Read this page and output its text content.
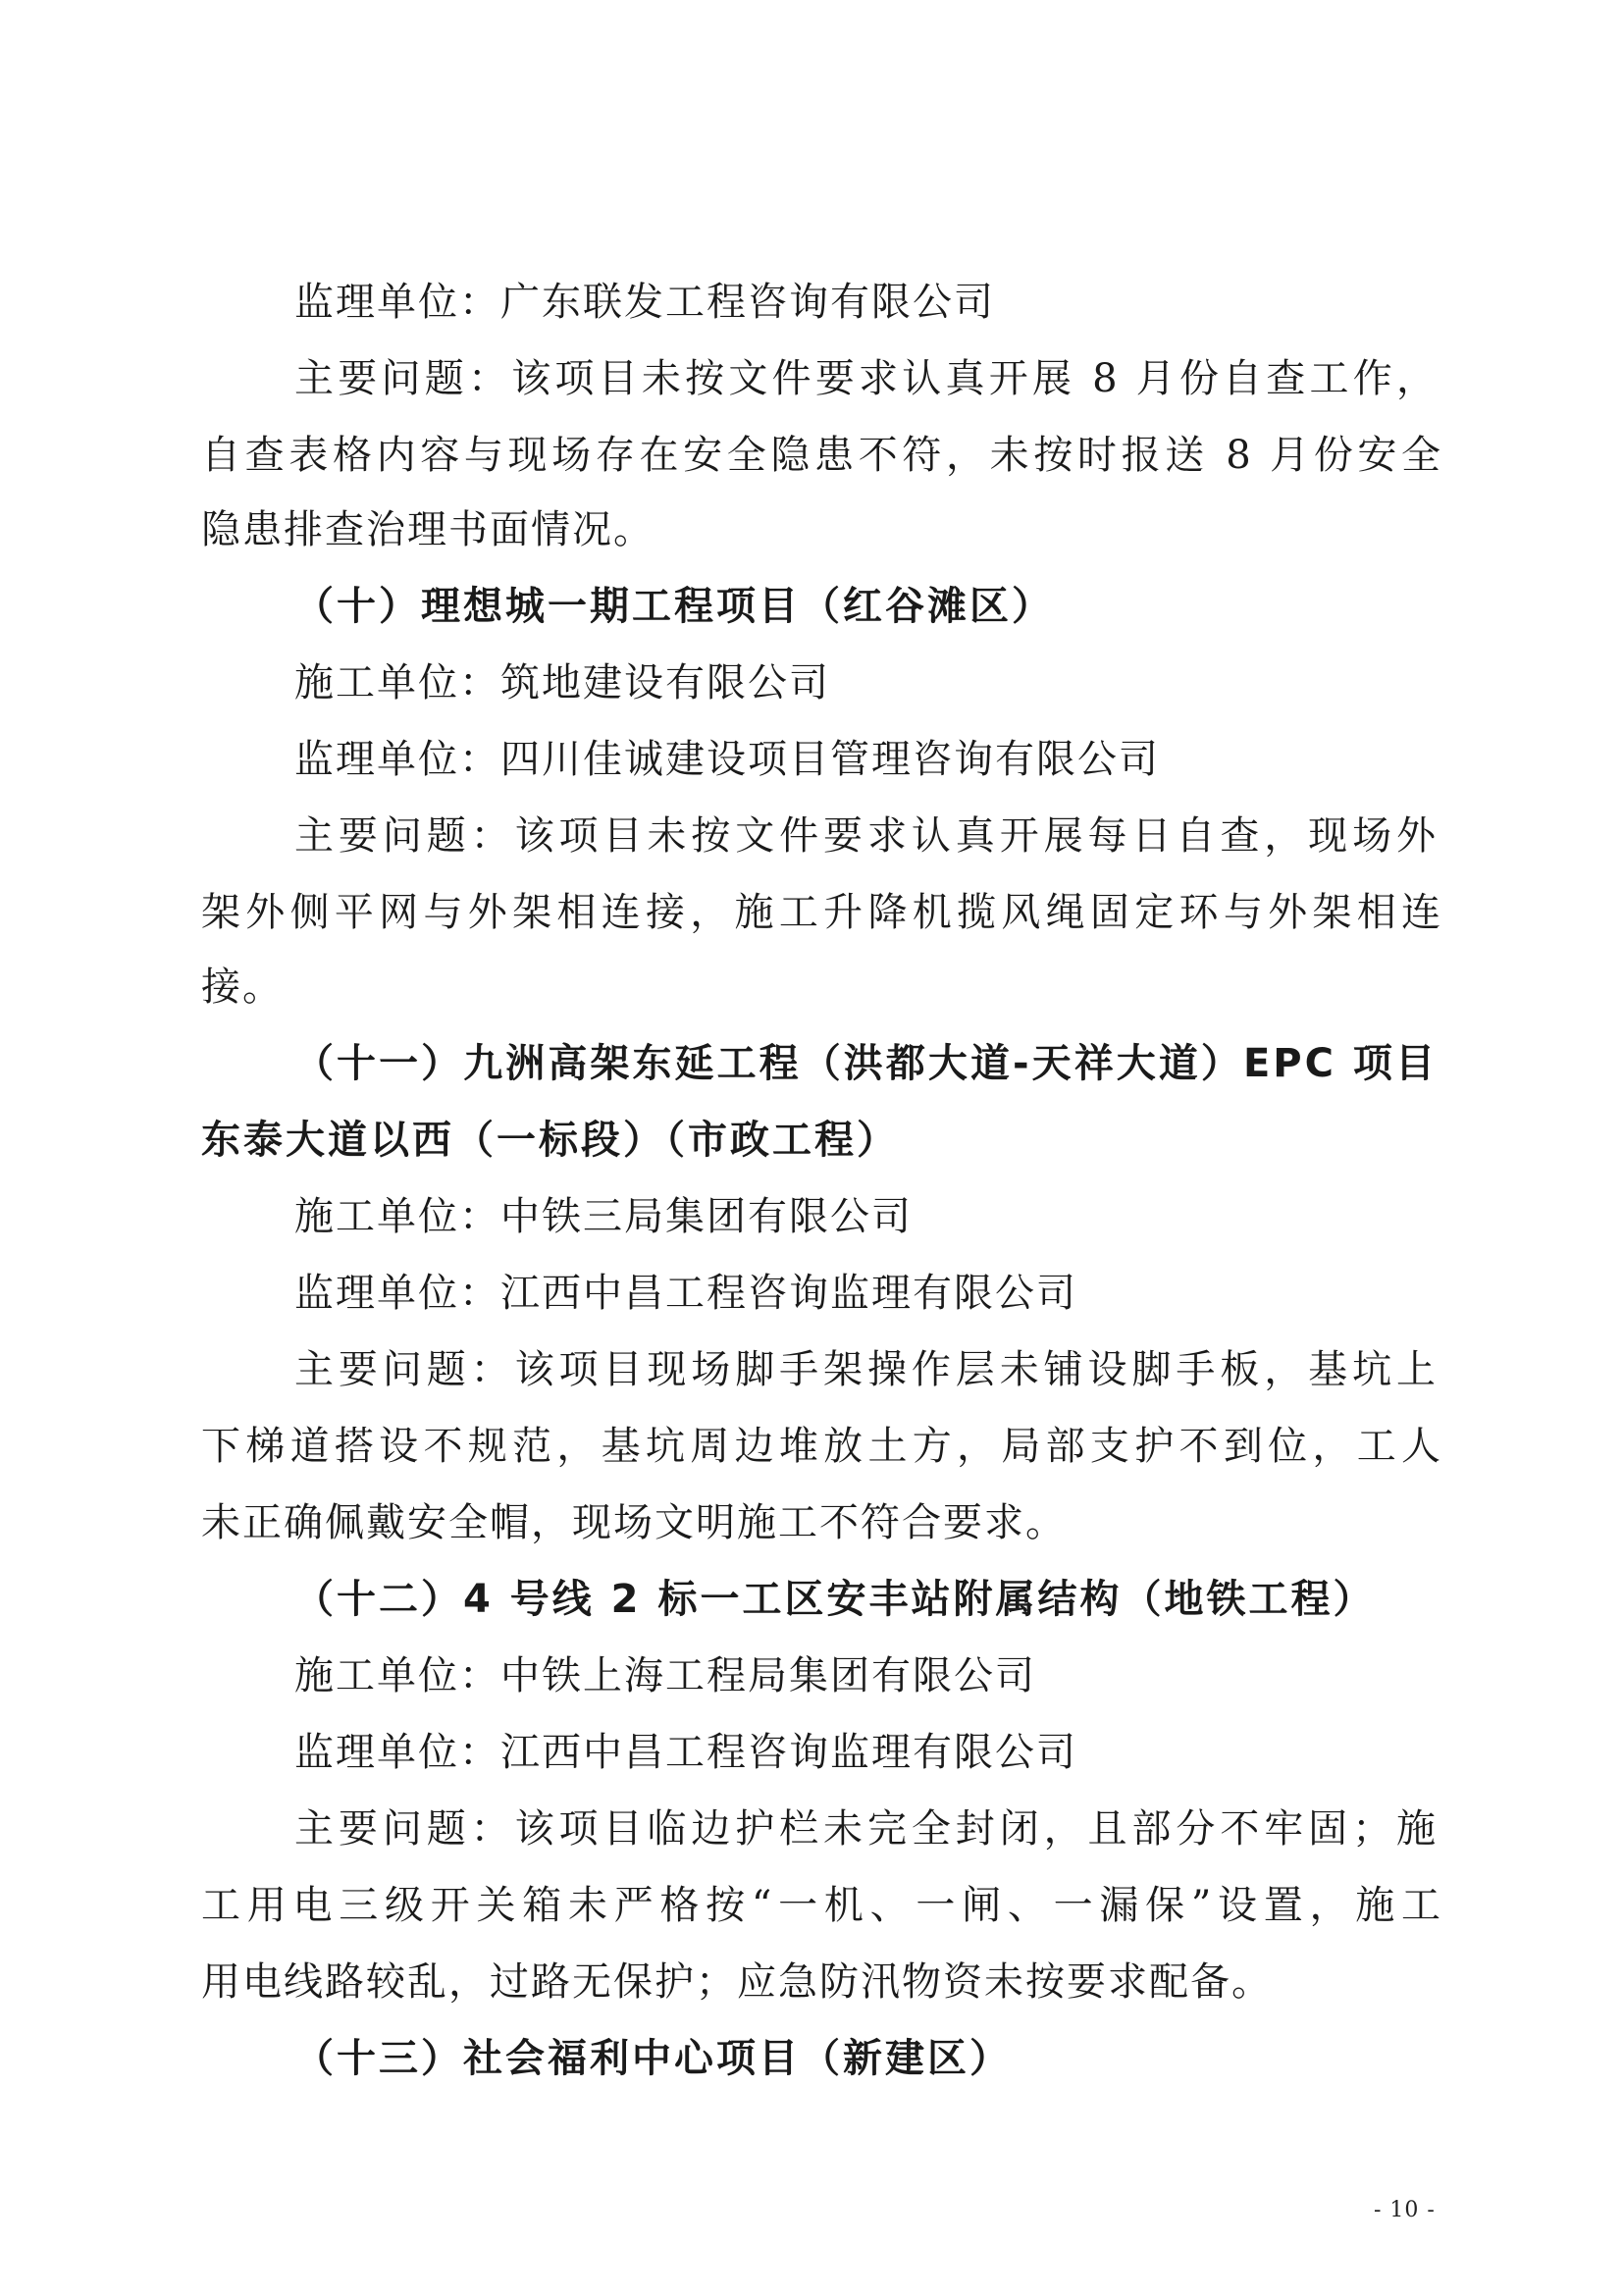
监理单位：广东联发工程咨询有限公司
主要问题：该项目未按文件要求认真开展 8 月份自查工作，
自查表格内容与现场存在安全隐患不符，未按时报送 8 月份安全
隐患排查治理书面情况。
（十）理想城一期工程项目（红谷滩区）
施工单位：筑地建设有限公司
监理单位：四川佳诚建设项目管理咨询有限公司
主要问题：该项目未按文件要求认真开展每日自查，现场外
架外侧平网与外架相连接，施工升降机揽风绳固定环与外架相连
接。
（十一）九洲高架东延工程（洪都大道-天祥大道）EPC 项目
东泰大道以西（一标段）（市政工程）
施工单位：中铁三局集团有限公司
监理单位：江西中昌工程咨询监理有限公司
主要问题：该项目现场脚手架操作层未铺设脚手板，基坑上
下梯道搭设不规范，基坑周边堆放土方，局部支护不到位，工人
未正确佩戴安全帽，现场文明施工不符合要求。
（十二）4 号线 2 标一工区安丰站附属结构（地铁工程）
施工单位：中铁上海工程局集团有限公司
监理单位：江西中昌工程咨询监理有限公司
主要问题：该项目临边护栏未完全封闭，且部分不牢固；施
工用电三级开关箱未严格按“一机、一闸、一漏保”设置，施工
用电线路较乱，过路无保护；应急防汛物资未按要求配备。
（十三）社会福利中心项目（新建区）
- 10 -
